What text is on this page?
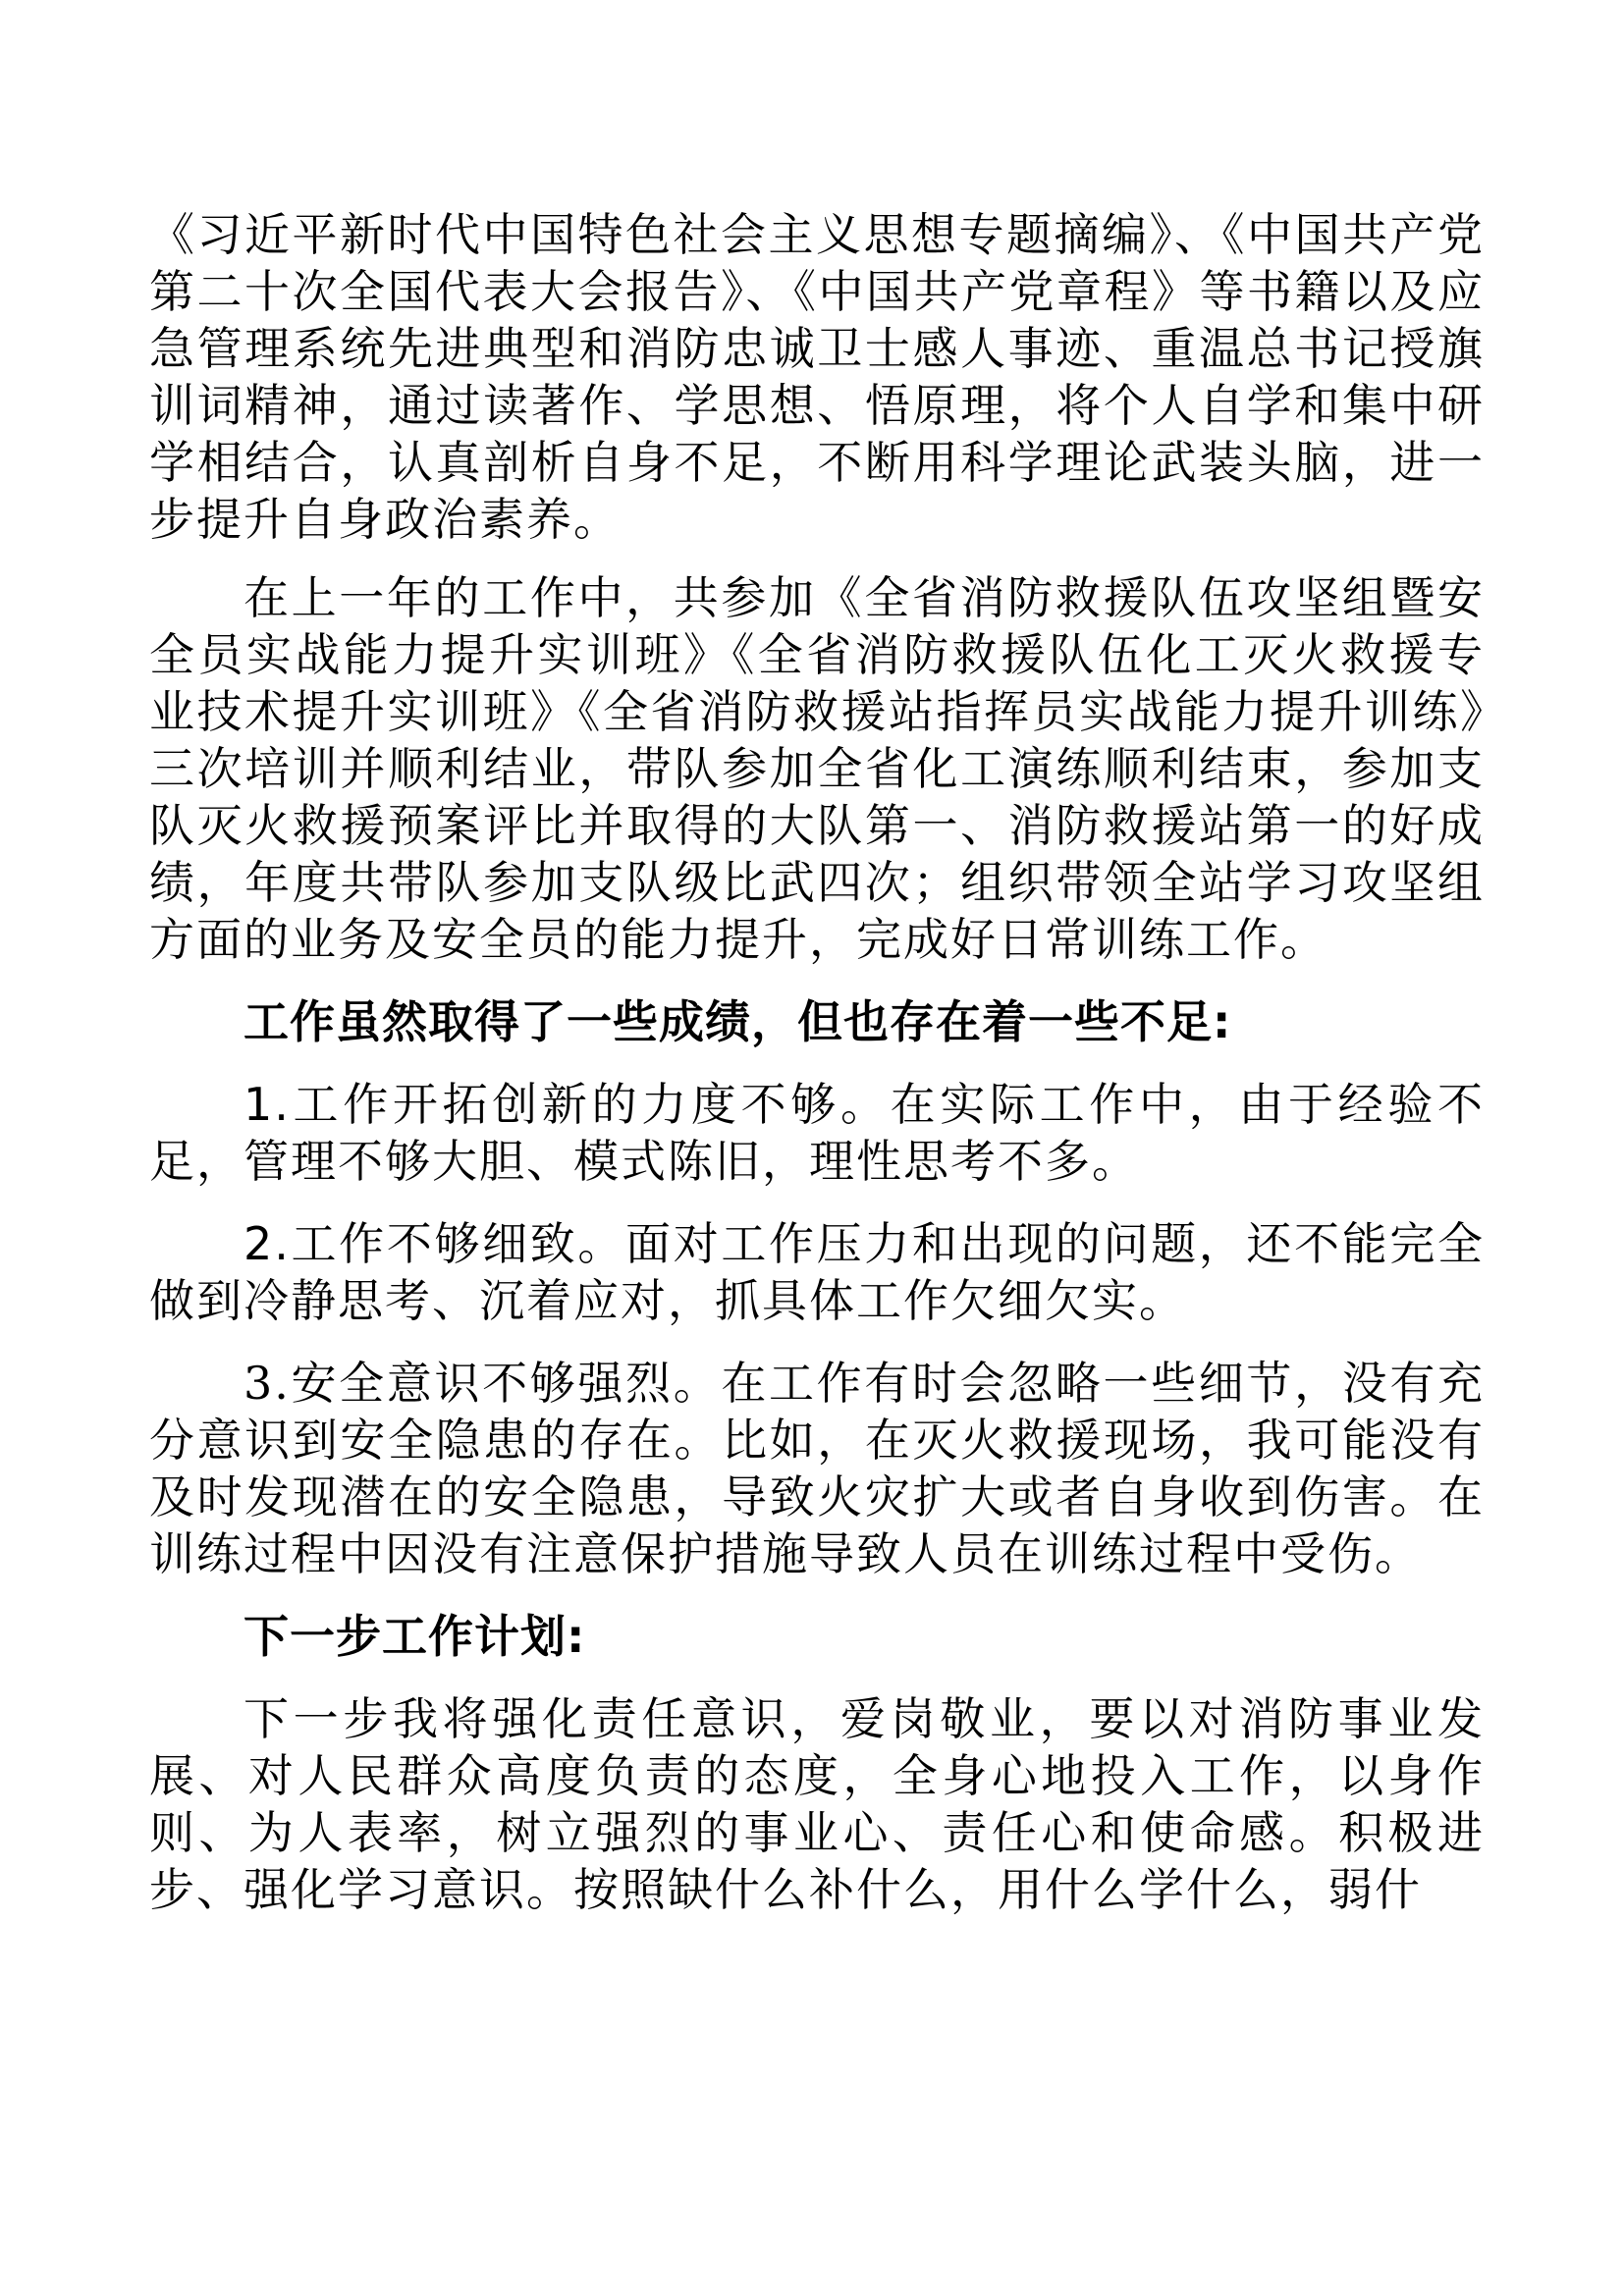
《习近平新时代中国特色社会主义思想专题摘编》、《中国共产党第二十次全国代表大会报告》、《中国共产党章程》等书籍以及应急管理系统先进典型和消防忠诚卫士感人事迹、重温总书记授旗训词精神，通过读著作、学思想、悟原理，将个人自学和集中研学相结合，认真剖析自身不足，不断用科学理论武装头脑，进一步提升自身政治素养。

在上一年的工作中，共参加《全省消防救援队伍攻坚组暨安全员实战能力提升实训班》《全省消防救援队伍化工灭火救援专业技术提升实训班》《全省消防救援站指挥员实战能力提升训练》三次培训并顺利结业，带队参加全省化工演练顺利结束，参加支队灭火救援预案评比并取得的大队第一、消防救援站第一的好成绩，年度共带队参加支队级比武四次；组织带领全站学习攻坚组方面的业务及安全员的能力提升，完成好日常训练工作。

工作虽然取得了一些成绩，但也存在着一些不足:

1.工作开拓创新的力度不够。在实际工作中，由于经验不足，管理不够大胆、模式陈旧，理性思考不多。

2.工作不够细致。面对工作压力和出现的问题，还不能完全做到冷静思考、沉着应对，抓具体工作欠细欠实。

3.安全意识不够强烈。在工作有时会忽略一些细节，没有充分意识到安全隐患的存在。比如，在灭火救援现场，我可能没有及时发现潜在的安全隐患，导致火灾扩大或者自身收到伤害。在训练过程中因没有注意保护措施导致人员在训练过程中受伤。

下一步工作计划:

下一步我将强化责任意识，爱岗敬业，要以对消防事业发展、对人民群众高度负责的态度，全身心地投入工作，以身作则、为人表率，树立强烈的事业心、责任心和使命感。积极进步、强化学习意识。按照缺什么补什么，用什么学什么，弱什
